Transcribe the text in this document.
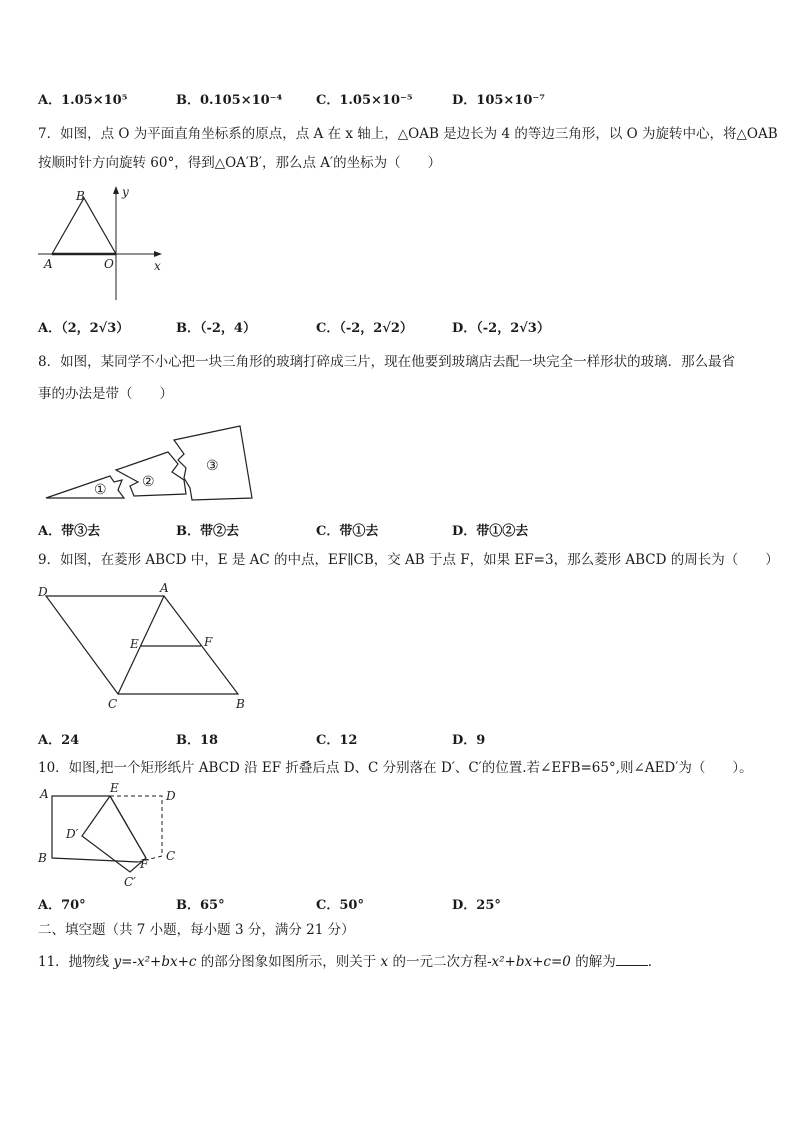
A．1.05×10⁵	B．0.105×10⁻⁴	C．1.05×10⁻⁵	D．105×10⁻⁷
7．如图，点 O 为平面直角坐标系的原点，点 A 在 x 轴上，△OAB 是边长为 4 的等边三角形，以 O 为旋转中心，将△OAB
按顺时针方向旋转 60°，得到△OA′B′，那么点 A′的坐标为（　　）
B	y
A	O	x
A．（2，2√3）	B．（-2，4）	C．（-2，2√2）	D．（-2，2√3）
8．如图，某同学不小心把一块三角形的玻璃打碎成三片，现在他要到玻璃店去配一块完全一样形状的玻璃．那么最省
事的办法是带（　　）
①	②
③
A．带③去	B．带②去	C．带①去	D．带①②去
9．如图，在菱形 ABCD 中，E 是 AC 的中点，EF∥CB，交 AB 于点 F，如果 EF=3，那么菱形 ABCD 的周长为（　　）
D	A
E	F
C	B
A．24	B．18	C．12	D．9
10．如图,把一个矩形纸片 ABCD 沿 EF 折叠后点 D、C 分别落在 D′、C′的位置.若∠EFB=65°,则∠AED′为（　　）。
A	E
D
D′
B	F
C
C′
A．70°	B．65°	C．50°	D．25°
二、填空题（共 7 小题，每小题 3 分，满分 21 分）
11．抛物线 y=-x²+bx+c 的部分图象如图所示，则关于 x 的一元二次方程-x²+bx+c=0 的解为 ．
